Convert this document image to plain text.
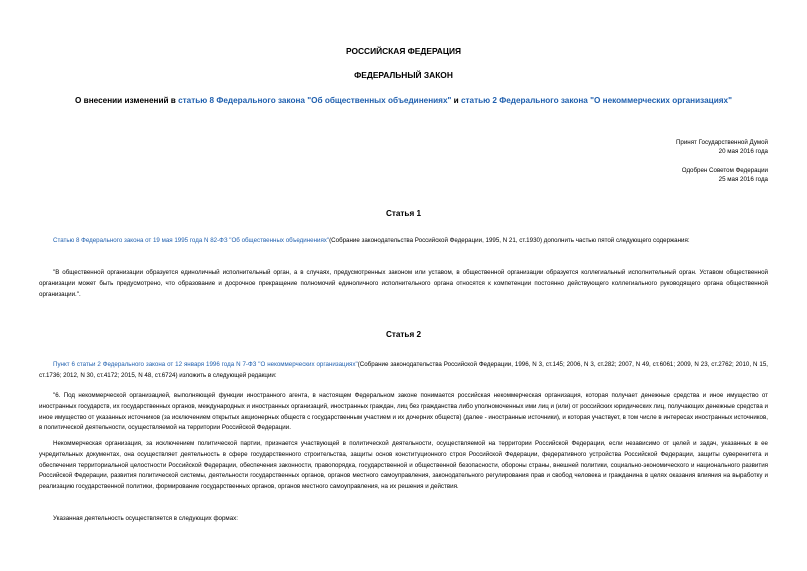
РОССИЙСКАЯ ФЕДЕРАЦИЯ
ФЕДЕРАЛЬНЫЙ ЗАКОН
О внесении изменений в статью 8 Федерального закона "Об общественных объединениях" и статью 2 Федерального закона "О некоммерческих организациях"
Принят Государственной Думой
20 мая 2016 года
Одобрен Советом Федерации
25 мая 2016 года
Статья 1
Статью 8 Федерального закона от 19 мая 1995 года N 82-ФЗ "Об общественных объединениях"(Собрание законодательства Российской Федерации, 1995, N 21, ст.1930) дополнить частью пятой следующего содержания:
"В общественной организации образуется единоличный исполнительный орган, а в случаях, предусмотренных законом или уставом, в общественной организации образуется коллегиальный исполнительный орган. Уставом общественной организации может быть предусмотрено, что образование и досрочное прекращение полномочий единоличного исполнительного органа относятся к компетенции постоянно действующего коллегиального руководящего органа общественной организации.".
Статья 2
Пункт 6 статьи 2 Федерального закона от 12 января 1996 года N 7-ФЗ "О некоммерческих организациях"(Собрание законодательства Российской Федерации, 1996, N 3, ст.145; 2006, N 3, ст.282; 2007, N 49, ст.6061; 2009, N 23, ст.2762; 2010, N 15, ст.1736; 2012, N 30, ст.4172; 2015, N 48, ст.6724) изложить в следующей редакции:
"6. Под некоммерческой организацией, выполняющей функции иностранного агента, в настоящем Федеральном законе понимается российская некоммерческая организация, которая получает денежные средства и иное имущество от иностранных государств, их государственных органов, международных и иностранных организаций, иностранных граждан, лиц без гражданства либо уполномоченных ими лиц и (или) от российских юридических лиц, получающих денежные средства и иное имущество от указанных источников (за исключением открытых акционерных обществ с государственным участием и их дочерних обществ) (далее - иностранные источники), и которая участвует, в том числе в интересах иностранных источников, в политической деятельности, осуществляемой на территории Российской Федерации.
Некоммерческая организация, за исключением политической партии, признается участвующей в политической деятельности, осуществляемой на территории Российской Федерации, если независимо от целей и задач, указанных в ее учредительных документах, она осуществляет деятельность в сфере государственного строительства, защиты основ конституционного строя Российской Федерации, федеративного устройства Российской Федерации, защиты суверенитета и обеспечения территориальной целостности Российской Федерации, обеспечения законности, правопорядка, государственной и общественной безопасности, обороны страны, внешней политики, социально-экономического и национального развития Российской Федерации, развития политической системы, деятельности государственных органов, органов местного самоуправления, законодательного регулирования прав и свобод человека и гражданина в целях оказания влияния на выработку и реализацию государственной политики, формирование государственных органов, органов местного самоуправления, на их решения и действия.
Указанная деятельность осуществляется в следующих формах:
